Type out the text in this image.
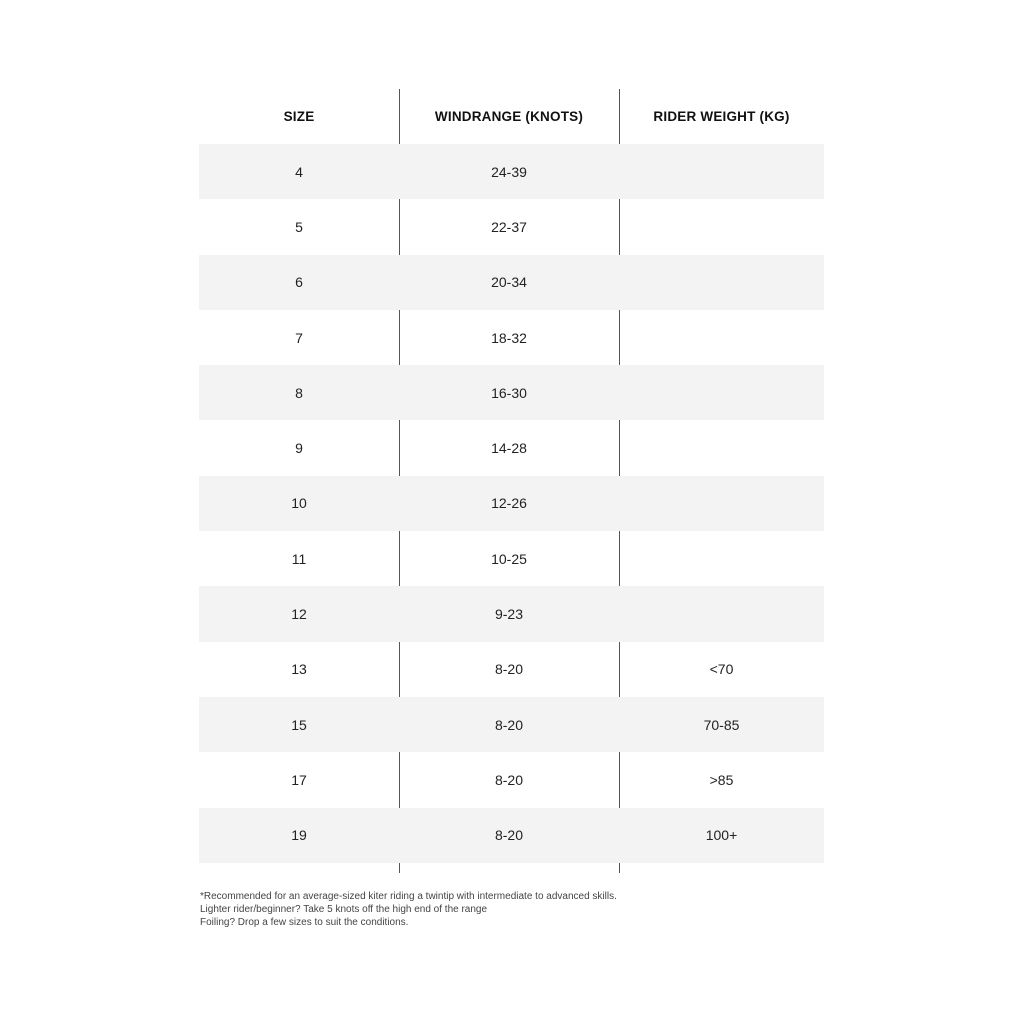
SIZE	WINDRANGE (KNOTS)	RIDER WEIGHT (KG)
4	24-39
5	22-37
6	20-34
7	18-32
8	16-30
9	14-28
10	12-26
11	10-25
12	9-23
13	8-20	<70
15	8-20	70-85
17	8-20	>85
19	8-20	100+
*Recommended for an average-sized kiter riding a twintip with intermediate to advanced skills.
Lighter rider/beginner? Take 5 knots off the high end of the range
Foiling? Drop a few sizes to suit the conditions.
